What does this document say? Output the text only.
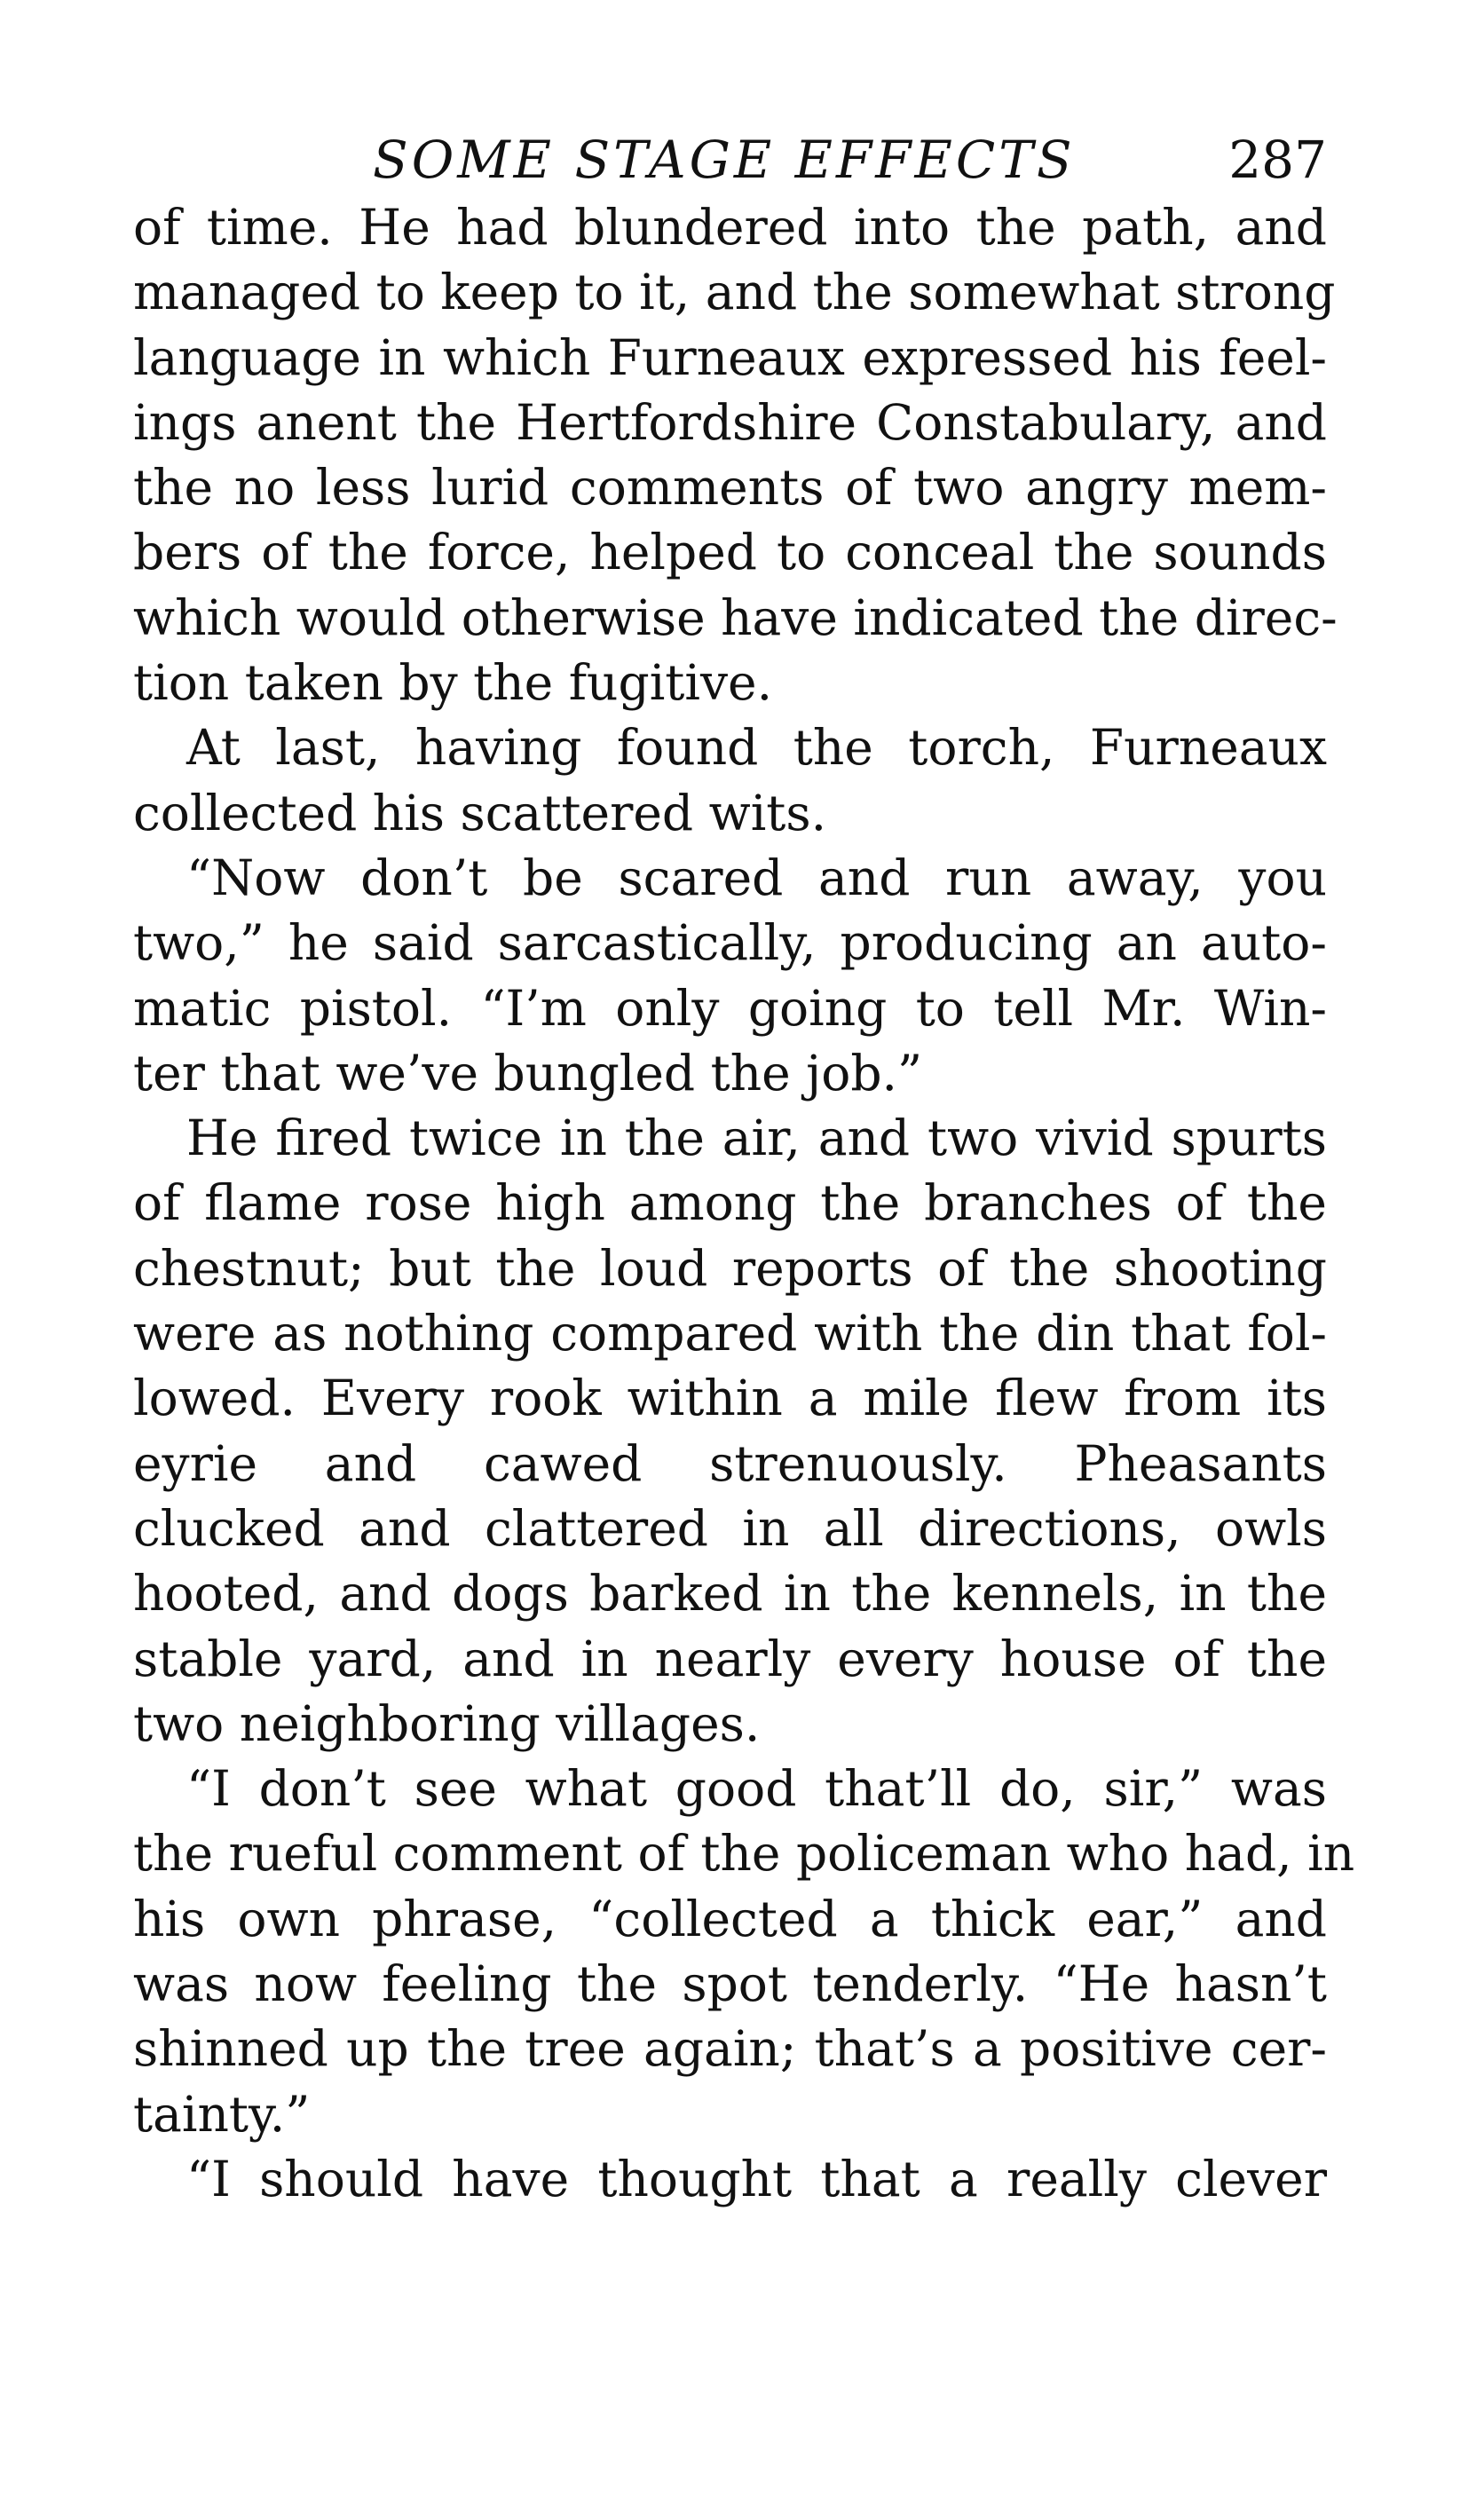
SOME STAGE EFFECTS	287
of time. He had blundered into the path, and
managed to keep to it, and the somewhat strong
language in which Furneaux expressed his feel-
ings anent the Hertfordshire Constabulary, and
the no less lurid comments of two angry mem-
bers of the force, helped to conceal the sounds
which would otherwise have indicated the direc-
tion taken by the fugitive.
At last, having found the torch, Furneaux
collected his scattered wits.
“Now don’t be scared and run away, you
two,” he said sarcastically, producing an auto-
matic pistol. “I’m only going to tell Mr. Win-
ter that we’ve bungled the job.”
He fired twice in the air, and two vivid spurts
of flame rose high among the branches of the
chestnut; but the loud reports of the shooting
were as nothing compared with the din that fol-
lowed. Every rook within a mile flew from its
eyrie and cawed strenuously. Pheasants
clucked and clattered in all directions, owls
hooted, and dogs barked in the kennels, in the
stable yard, and in nearly every house of the
two neighboring villages.
“I don’t see what good that’ll do, sir,” was
the rueful comment of the policeman who had, in
his own phrase, “collected a thick ear,” and
was now feeling the spot tenderly. “He hasn’t
shinned up the tree again; that’s a positive cer-
tainty.”
“I should have thought that a really clever
